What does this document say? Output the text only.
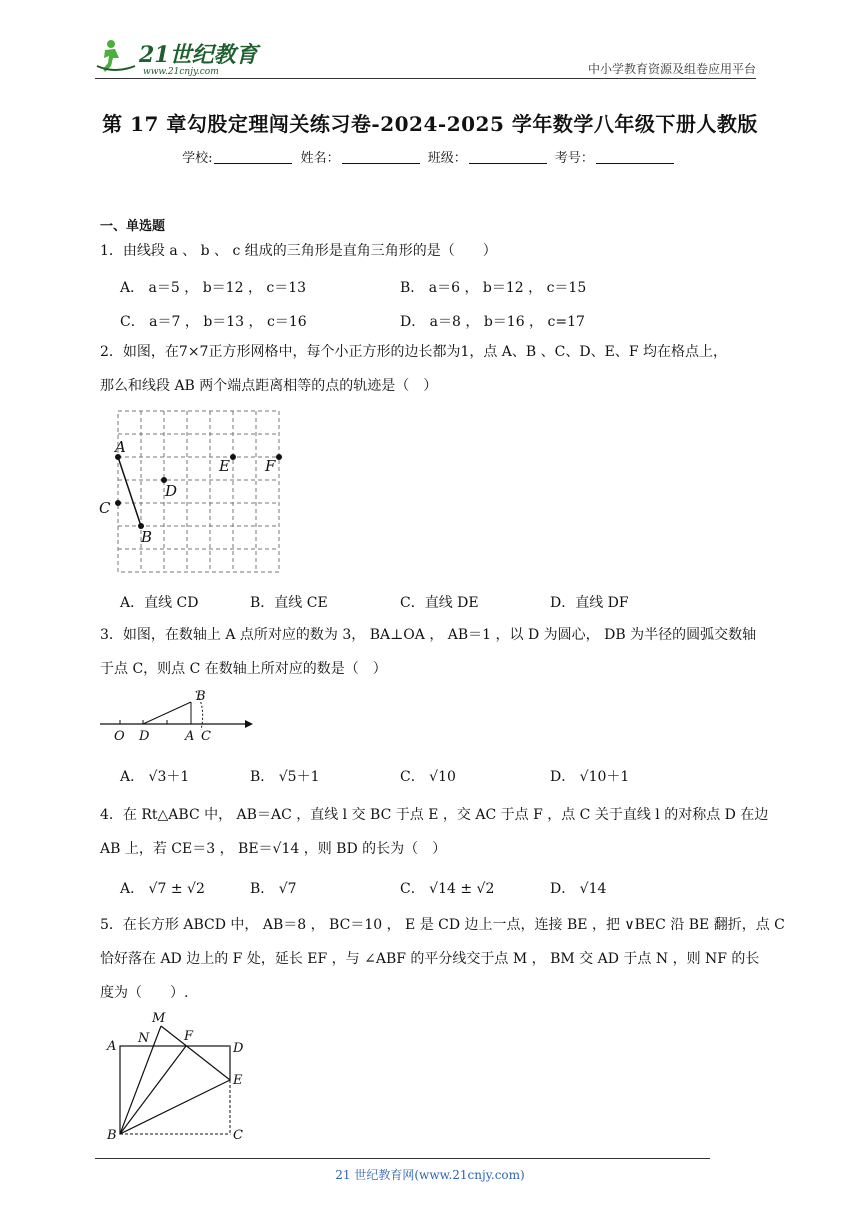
21世纪教育
www.21cnjy.com	中小学教育资源及组卷应用平台
第 17 章勾股定理闯关练习卷-2024-2025 学年数学八年级下册人教版
学校:	姓名：	班级：	考号：
一、单选题
1．由线段 a 、 b 、 c 组成的三角形是直角三角形的是（　　）
A． a＝5 ， b＝12 ， c＝13	B． a＝6 ， b＝12 ， c＝15
C． a＝7 ， b＝13 ， c＝16	D． a＝8 ， b＝16 ， c=17
2．如图，在7×7正方形网格中，每个小正方形的边长都为1，点 A、B 、C、D、E、F 均在格点上，
那么和线段 AB 两个端点距离相等的点的轨迹是（　）
A
B
C
D
E F
A．直线 CD	B．直线 CE	C．直线 DE	D．直线 DF
3．如图，在数轴上 A 点所对应的数为 3， BA⊥OA ， AB＝1 ，以 D 为圆心， DB 为半径的圆弧交数轴
于点 C，则点 C 在数轴上所对应的数是（　）
O D	A C
B
A． √3＋1	B． √5＋1	C． √10	D． √10＋1
4．在 Rt△ABC 中， AB＝AC ，直线 l 交 BC 于点 E ，交 AC 于点 F ，点 C 关于直线 l 的对称点 D 在边
AB 上，若 CE＝3 ， BE＝√14 ，则 BD 的长为（　）
A． √7 ± √2	B． √7	C． √14 ± √2	D． √14
5．在长方形 ABCD 中， AB＝8 ， BC＝10 ， E 是 CD 边上一点，连接 BE ，把 ∨BEC 沿 BE 翻折，点 C
恰好落在 AD 边上的 F 处，延长 EF ，与 ∠ABF 的平分线交于点 M ， BM 交 AD 于点 N ，则 NF 的长
度为（　　）.
M
N	F
A	D
E
B	C
21 世纪教育网(www.21cnjy.com)
